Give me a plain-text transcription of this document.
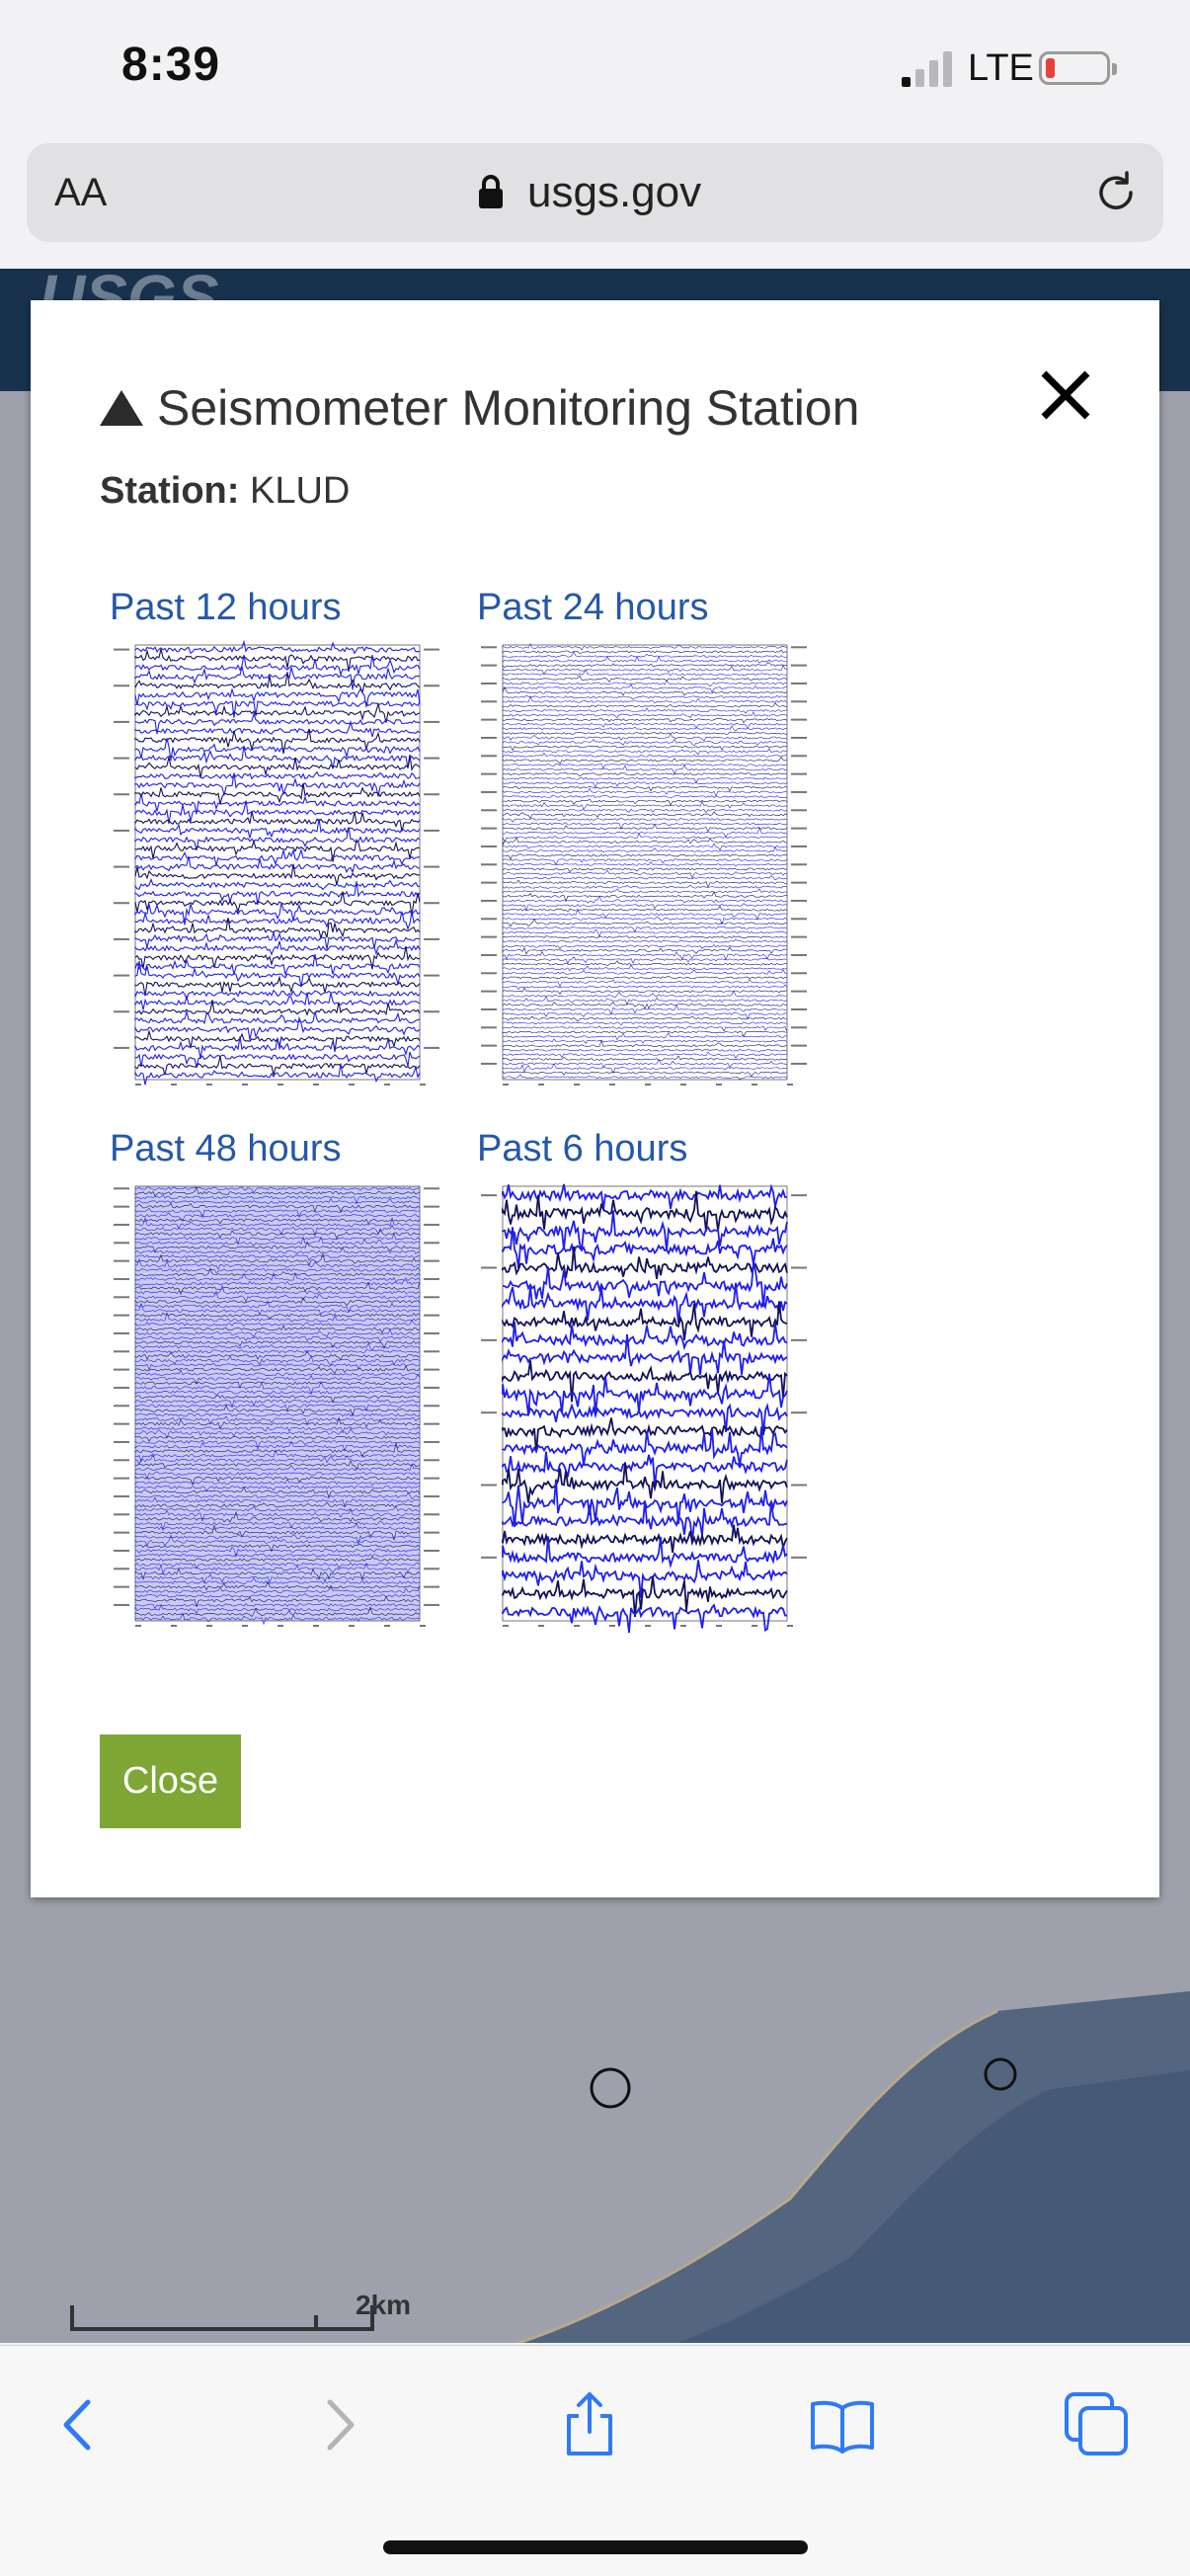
8:39	LTE
AA	usgs.gov
2km
Seismometer Monitoring Station
Station: KLUD
Past 12 hours	Past 24 hours
Past 48 hours	Past 6 hours
Close
